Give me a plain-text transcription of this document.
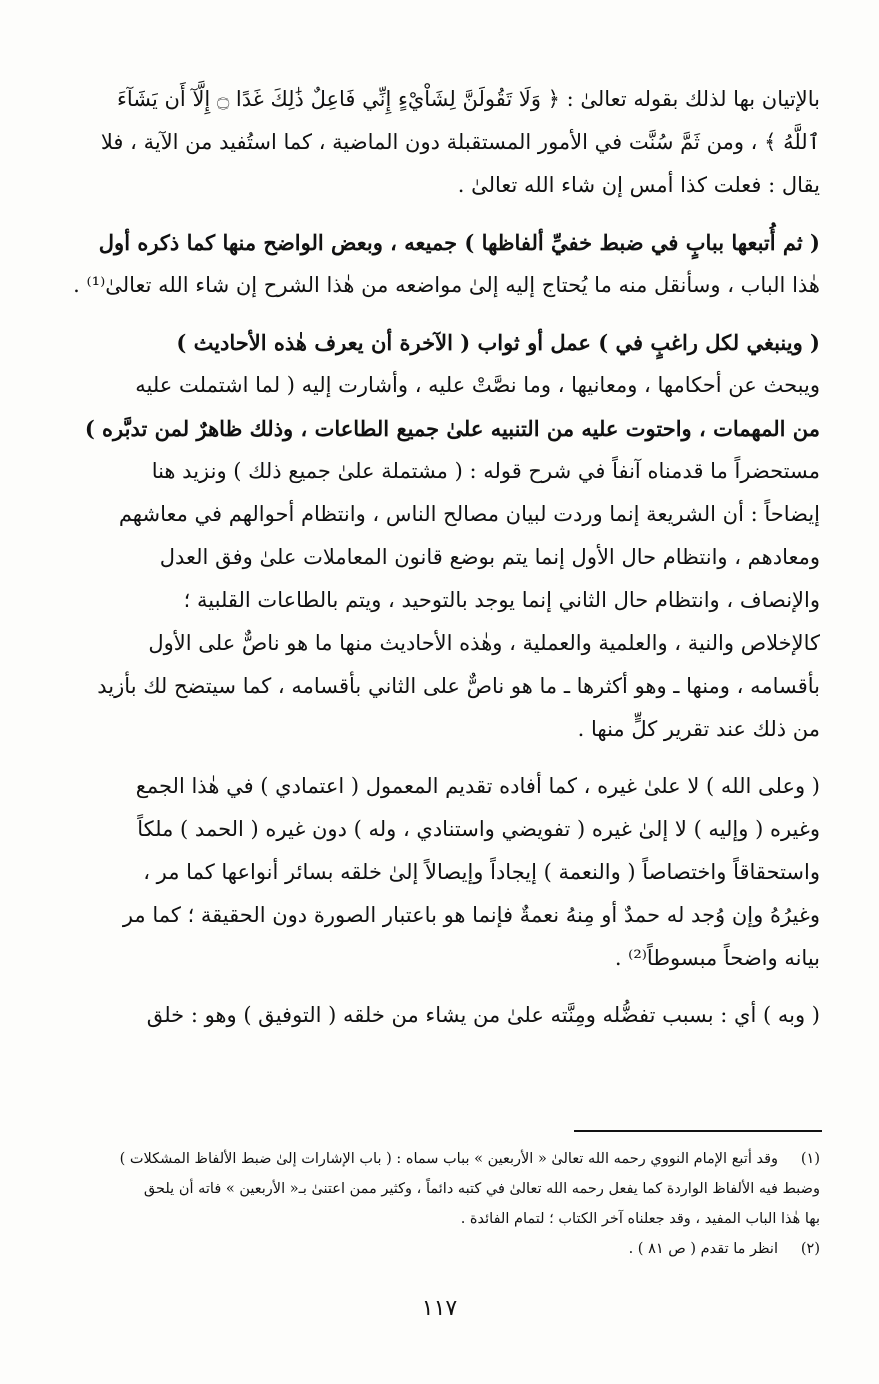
بالإتيان بها لذلك بقوله تعالىٰ : ﴿ وَلَا تَقُولَنَّ لِشَاْيْءٍ إِنِّي فَاعِلٌ ذَٰلِكَ غَدًا ۝ إِلَّآ أَن يَشَآءَ
ٱللَّهُ ﴾ ، ومن ثَمَّ سُنَّت في الأمور المستقبلة دون الماضية ، كما استُفيد من الآية ، فلا
يقال : فعلت كذا أمس إن شاء الله تعالىٰ .

( ثم أُتبعها ببابٍ في ضبط خفيِّ ألفاظها ) جميعه ، وبعض الواضح منها كما ذكره أول
هٰذا الباب ، وسأنقل منه ما يُحتاج إليه إلىٰ مواضعه من هٰذا الشرح إن شاء الله تعالىٰ⁽¹⁾ .

( وينبغي لكل راغبٍ في ) عمل أو ثواب ( الآخرة أن يعرف هٰذه الأحاديث )
ويبحث عن أحكامها ، ومعانيها ، وما نصَّتْ عليه ، وأشارت إليه ( لما اشتملت عليه
من المهمات ، واحتوت عليه من التنبيه علىٰ جميع الطاعات ، وذلك ظاهرٌ لمن تدبَّره )
مستحضراً ما قدمناه آنفاً في شرح قوله : ( مشتملة علىٰ جميع ذلك ) ونزيد هنا
إيضاحاً : أن الشريعة إنما وردت لبيان مصالح الناس ، وانتظام أحوالهم في معاشهم
ومعادهم ، وانتظام حال الأول إنما يتم بوضع قانون المعاملات علىٰ وفق العدل
والإنصاف ، وانتظام حال الثاني إنما يوجد بالتوحيد ، ويتم بالطاعات القلبية ؛
كالإخلاص والنية ، والعلمية والعملية ، وهٰذه الأحاديث منها ما هو ناصٌّ على الأول
بأقسامه ، ومنها ـ وهو أكثرها ـ ما هو ناصٌّ على الثاني بأقسامه ، كما سيتضح لك بأزيد
من ذلك عند تقرير كلٍّ منها .

( وعلى الله ) لا علىٰ غيره ، كما أفاده تقديم المعمول ( اعتمادي ) في هٰذا الجمع
وغيره ( وإليه ) لا إلىٰ غيره ( تفويضي واستنادي ، وله ) دون غيره ( الحمد ) ملكاً
واستحقاقاً واختصاصاً ( والنعمة ) إيجاداً وإيصالاً إلىٰ خلقه بسائر أنواعها كما مر ،
وغيرُهُ وإن وُجد له حمدٌ أو مِنهُ نعمةٌ فإنما هو باعتبار الصورة دون الحقيقة ؛ كما مر
بيانه واضحاً مبسوطاً⁽²⁾ .

( وبه ) أي : بسبب تفضُّله ومِنَّته علىٰ من يشاء من خلقه ( التوفيق ) وهو : خلق

(١)وقد أتبع الإمام النووي رحمه الله تعالىٰ « الأربعين » بباب سماه : ( باب الإشارات إلىٰ ضبط الألفاظ المشكلات )
وضبط فيه الألفاظ الواردة كما يفعل رحمه الله تعالىٰ في كتبه دائماً ، وكثير ممن اعتنىٰ بـ« الأربعين » فاته أن يلحق
بها هٰذا الباب المفيد ، وقد جعلناه آخر الكتاب ؛ لتمام الفائدة .
(٢)انظر ما تقدم ( ص ٨١ ) .
١١٧
